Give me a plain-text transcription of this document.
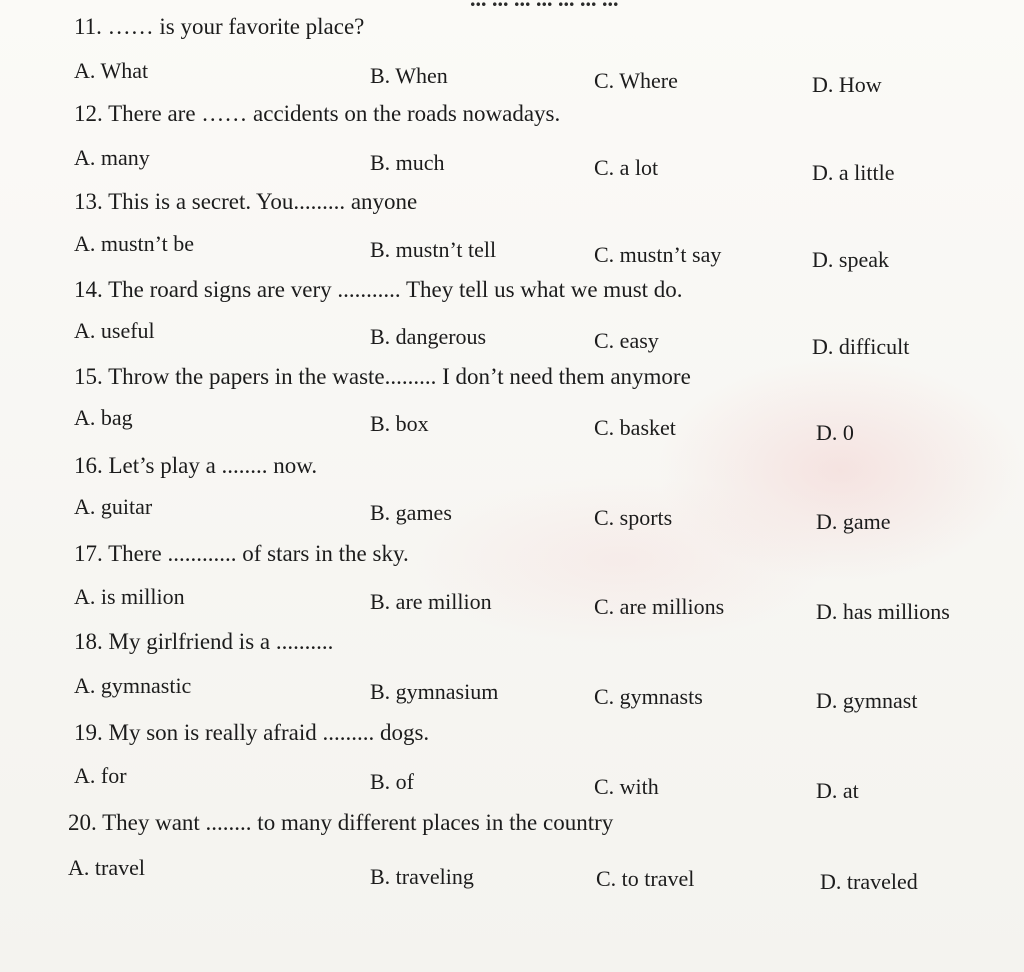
11. …… is your favorite place?
A. What	B. When	C. Where	D. How
12. There are …… accidents on the roads nowadays.
A. many	B. much	C. a lot	D. a little
13. This is a secret. You......... anyone
A. mustn’t be	B. mustn’t tell	C. mustn’t say	D. speak
14. The roard signs are very ........... They tell us what we must do.
A. useful	B. dangerous	C. easy	D. difficult
15. Throw the papers in the waste......... I don’t need them anymore
A. bag	B. box	C. basket	D. 0
16. Let’s play a ........ now.
A. guitar	B. games	C. sports	D. game
17. There ............ of stars in the sky.
A. is million	B. are million	C. are millions	D. has millions
18. My girlfriend is a ..........
A. gymnastic	B. gymnasium	C. gymnasts	D. gymnast
19. My son is really afraid ......... dogs.
A. for	B. of	C. with	D. at
20. They want ........ to many different places in the country
A. travel	B. traveling	C. to travel	D. traveled
